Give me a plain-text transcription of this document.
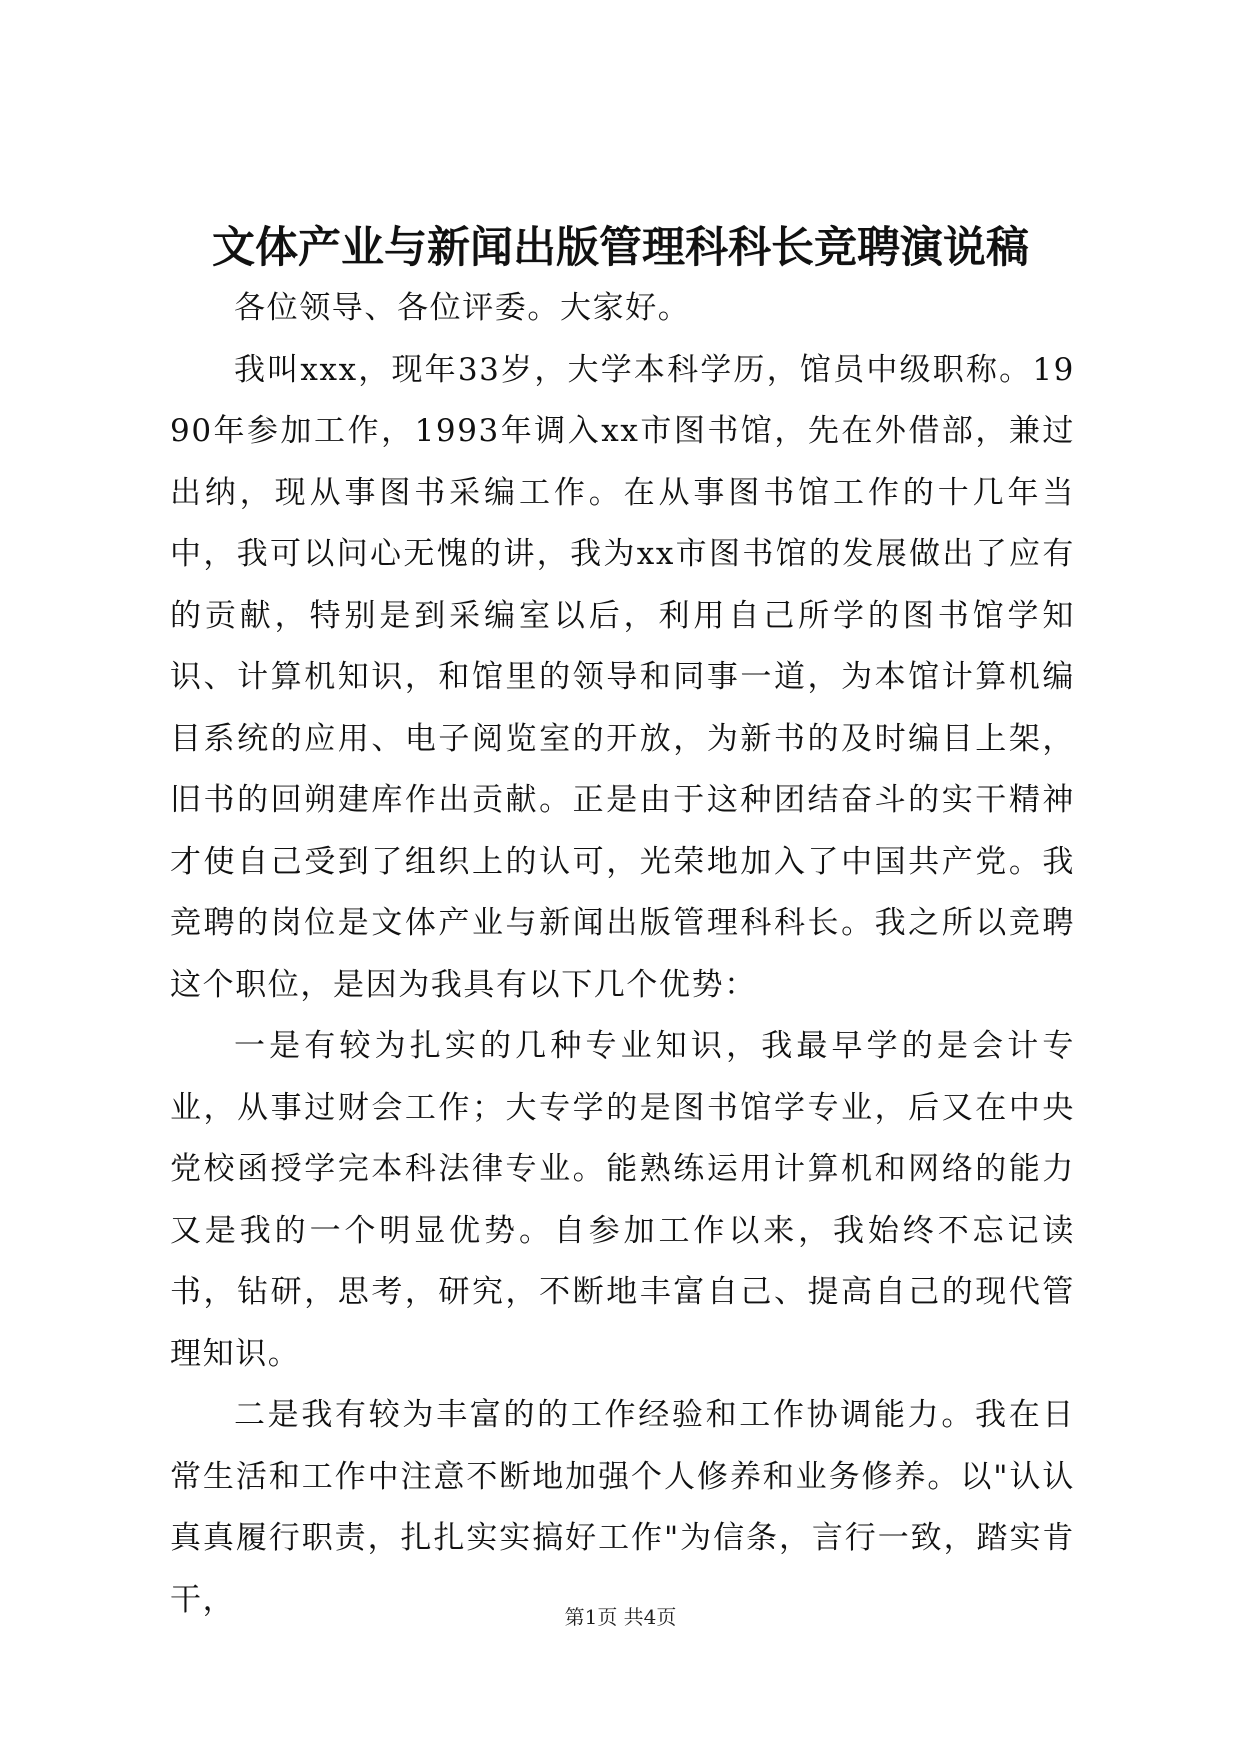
文体产业与新闻出版管理科科长竞聘演说稿

各位领导、各位评委。大家好。

我叫xxx，现年33岁，大学本科学历，馆员中级职称。1990年参加工作，1993年调入xx市图书馆，先在外借部，兼过出纳，现从事图书采编工作。在从事图书馆工作的十几年当中，我可以问心无愧的讲，我为xx市图书馆的发展做出了应有的贡献，特别是到采编室以后，利用自己所学的图书馆学知识、计算机知识，和馆里的领导和同事一道，为本馆计算机编目系统的应用、电子阅览室的开放，为新书的及时编目上架，旧书的回朔建库作出贡献。正是由于这种团结奋斗的实干精神才使自己受到了组织上的认可，光荣地加入了中国共产党。我竞聘的岗位是文体产业与新闻出版管理科科长。我之所以竞聘这个职位，是因为我具有以下几个优势：

一是有较为扎实的几种专业知识，我最早学的是会计专业，从事过财会工作；大专学的是图书馆学专业，后又在中央党校函授学完本科法律专业。能熟练运用计算机和网络的能力又是我的一个明显优势。自参加工作以来，我始终不忘记读书，钻研，思考，研究，不断地丰富自己、提高自己的现代管理知识。

二是我有较为丰富的的工作经验和工作协调能力。我在日常生活和工作中注意不断地加强个人修养和业务修养。以"认认真真履行职责，扎扎实实搞好工作"为信条，言行一致，踏实肯干，	第1页 共4页
